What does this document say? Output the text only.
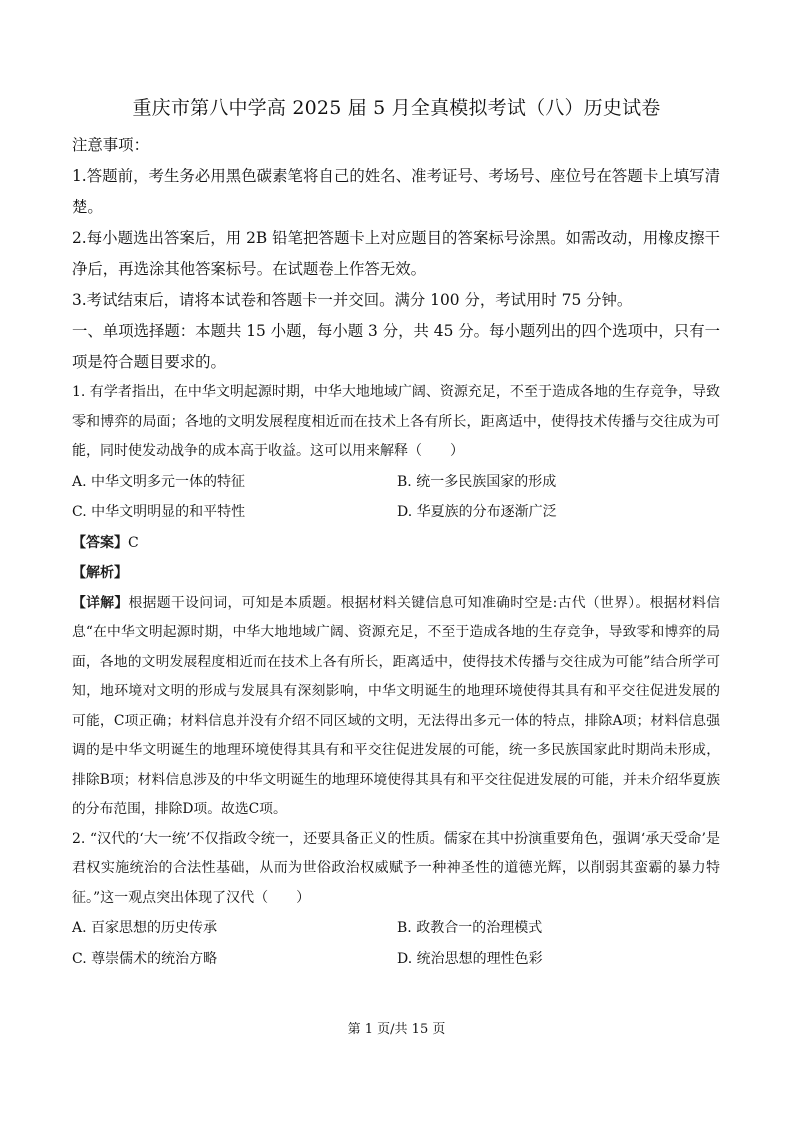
重庆市第八中学高 2025 届 5 月全真模拟考试（八）历史试卷

注意事项：

1.答题前，考生务必用黑色碳素笔将自己的姓名、准考证号、考场号、座位号在答题卡上填写清楚。

2.每小题选出答案后，用 2B 铅笔把答题卡上对应题目的答案标号涂黑。如需改动，用橡皮擦干净后，再选涂其他答案标号。在试题卷上作答无效。

3.考试结束后，请将本试卷和答题卡一并交回。满分 100 分，考试用时 75 分钟。

一、单项选择题：本题共 15 小题，每小题 3 分，共 45 分。每小题列出的四个选项中，只有一项是符合题目要求的。

1. 有学者指出，在中华文明起源时期，中华大地地域广阔、资源充足，不至于造成各地的生存竞争，导致零和博弈的局面；各地的文明发展程度相近而在技术上各有所长，距离适中，使得技术传播与交往成为可能，同时使发动战争的成本高于收益。这可以用来解释（　　）

A. 中华文明多元一体的特征	B. 统一多民族国家的形成
C. 中华文明明显的和平特性	D. 华夏族的分布逐渐广泛

【答案】C

【解析】

【详解】根据题干设问词，可知是本质题。根据材料关键信息可知准确时空是:古代（世界）。根据材料信息“在中华文明起源时期，中华大地地域广阔、资源充足，不至于造成各地的生存竞争，导致零和博弈的局面，各地的文明发展程度相近而在技术上各有所长，距离适中，使得技术传播与交往成为可能”结合所学可知，地环境对文明的形成与发展具有深刻影响，中华文明诞生的地理环境使得其具有和平交往促进发展的可能，C项正确；材料信息并没有介绍不同区域的文明，无法得出多元一体的特点，排除A项；材料信息强调的是中华文明诞生的地理环境使得其具有和平交往促进发展的可能，统一多民族国家此时期尚未形成，排除B项；材料信息涉及的中华文明诞生的地理环境使得其具有和平交往促进发展的可能，并未介绍华夏族的分布范围，排除D项。故选C项。

2. “汉代的‘大一统’不仅指政令统一，还要具备正义的性质。儒家在其中扮演重要角色，强调‘承天受命’是君权实施统治的合法性基础，从而为世俗政治权威赋予一种神圣性的道德光辉，以削弱其蛮霸的暴力特征。”这一观点突出体现了汉代（　　）

A. 百家思想的历史传承	B. 政教合一的治理模式
C. 尊崇儒术的统治方略	D. 统治思想的理性色彩
第 1 页/共 15 页
